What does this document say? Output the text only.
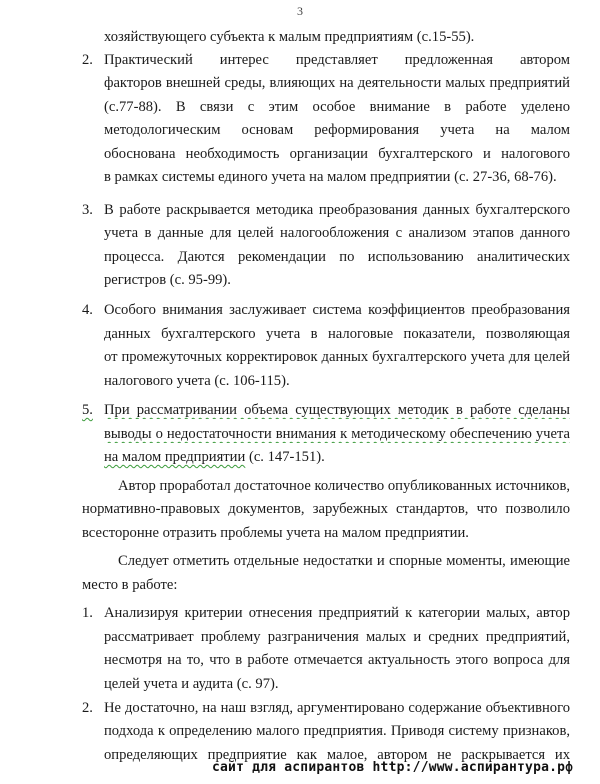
3
хозяйствующего субъекта к малым предприятиям (с.15-55).
2. Практический интерес представляет предложенная автором
факторов внешней среды, влияющих на деятельности малых предприятий
(с.77-88). В связи с этим особое внимание в работе уделено
методологическим основам реформирования учета на малом
обоснована необходимость организации бухгалтерского и налогового
в рамках системы единого учета на малом предприятии (с. 27-36, 68-76).
3. В работе раскрывается методика преобразования данных бухгалтерского
учета в данные для целей налогообложения с анализом этапов данного
процесса. Даются рекомендации по использованию аналитических
регистров (с. 95-99).
4. Особого внимания заслуживает система коэффициентов преобразования
данных бухгалтерского учета в налоговые показатели, позволяющая
от промежуточных корректировок данных бухгалтерского учета для целей
налогового учета (с. 106-115).
5. При рассматривании объема существующих методик в работе сделаны
выводы о недостаточности внимания к методическому обеспечению учета
на малом предприятии (с. 147-151).
Автор проработал достаточное количество опубликованных источников,
нормативно-правовых документов, зарубежных стандартов, что позволило
всесторонне отразить проблемы учета на малом предприятии.
Следует отметить отдельные недостатки и спорные моменты, имеющие
место в работе:
1. Анализируя критерии отнесения предприятий к категории малых, автор
рассматривает проблему разграничения малых и средних предприятий,
несмотря на то, что в работе отмечается актуальность этого вопроса для
целей учета и аудита (с. 97).
2. Не достаточно, на наш взгляд, аргументировано содержание объективного
подхода к определению малого предприятия. Приводя систему признаков,
определяющих предприятие как малое, автором не раскрывается их
сайт для аспирантов http://www.аспирантура.рф
